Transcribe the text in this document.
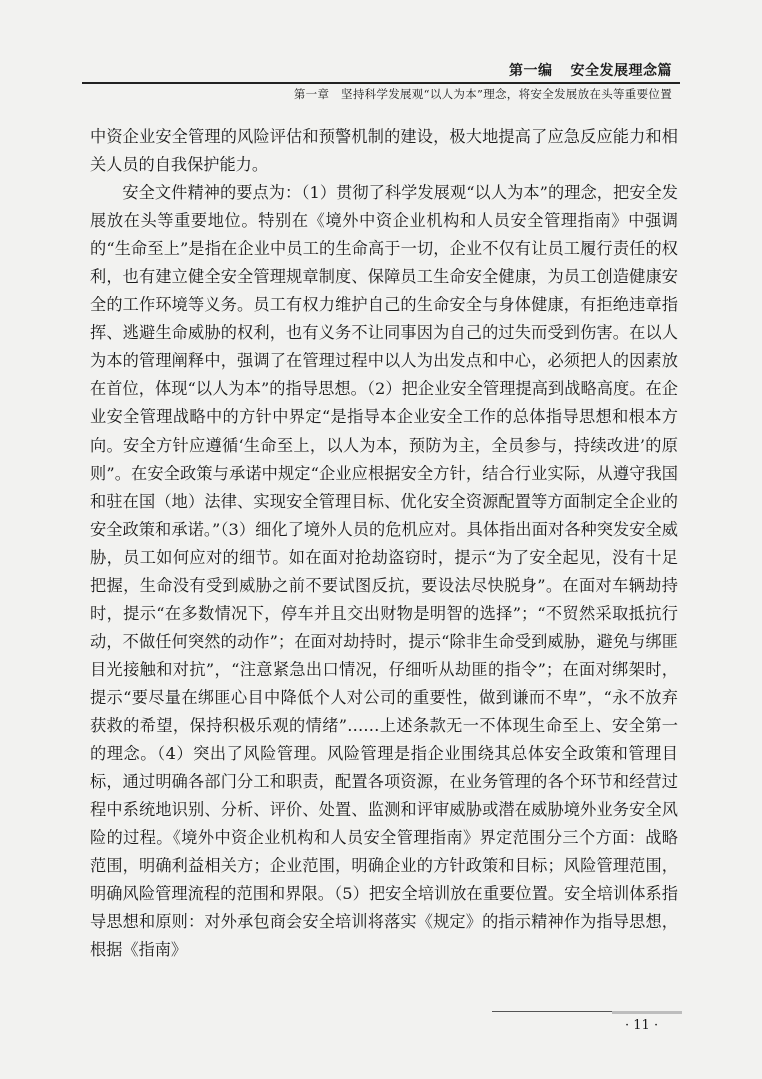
第一编 安全发展理念篇
第一章　坚持科学发展观“以人为本”理念，将安全发展放在头等重要位置

中资企业安全管理的风险评估和预警机制的建设，极大地提高了应急反应能力和相关人员的自我保护能力。

安全文件精神的要点为：（1）贯彻了科学发展观“以人为本”的理念，把安全发展放在头等重要地位。特别在《境外中资企业机构和人员安全管理指南》中强调的“生命至上”是指在企业中员工的生命高于一切，企业不仅有让员工履行责任的权利，也有建立健全安全管理规章制度、保障员工生命安全健康，为员工创造健康安全的工作环境等义务。员工有权力维护自己的生命安全与身体健康，有拒绝违章指挥、逃避生命威胁的权利，也有义务不让同事因为自己的过失而受到伤害。在以人为本的管理阐释中，强调了在管理过程中以人为出发点和中心，必须把人的因素放在首位，体现“以人为本”的指导思想。（2）把企业安全管理提高到战略高度。在企业安全管理战略中的方针中界定“是指导本企业安全工作的总体指导思想和根本方向。安全方针应遵循‘生命至上，以人为本，预防为主，全员参与，持续改进’的原则”。在安全政策与承诺中规定“企业应根据安全方针，结合行业实际，从遵守我国和驻在国（地）法律、实现安全管理目标、优化安全资源配置等方面制定全企业的安全政策和承诺。”（3）细化了境外人员的危机应对。具体指出面对各种突发安全威胁，员工如何应对的细节。如在面对抢劫盗窃时，提示“为了安全起见，没有十足把握，生命没有受到威胁之前不要试图反抗，要设法尽快脱身”。在面对车辆劫持时，提示“在多数情况下，停车并且交出财物是明智的选择”；“不贸然采取抵抗行动，不做任何突然的动作”；在面对劫持时，提示“除非生命受到威胁，避免与绑匪目光接触和对抗”，“注意紧急出口情况，仔细听从劫匪的指令”；在面对绑架时，提示“要尽量在绑匪心目中降低个人对公司的重要性，做到谦而不卑”，“永不放弃获救的希望，保持积极乐观的情绪”……上述条款无一不体现生命至上、安全第一的理念。（4）突出了风险管理。风险管理是指企业围绕其总体安全政策和管理目标，通过明确各部门分工和职责，配置各项资源，在业务管理的各个环节和经营过程中系统地识别、分析、评价、处置、监测和评审威胁或潜在威胁境外业务安全风险的过程。《境外中资企业机构和人员安全管理指南》界定范围分三个方面：战略范围，明确利益相关方；企业范围，明确企业的方针政策和目标；风险管理范围，明确风险管理流程的范围和界限。（5）把安全培训放在重要位置。安全培训体系指导思想和原则：对外承包商会安全培训将落实《规定》的指示精神作为指导思想，根据《指南》

· 11 ·
